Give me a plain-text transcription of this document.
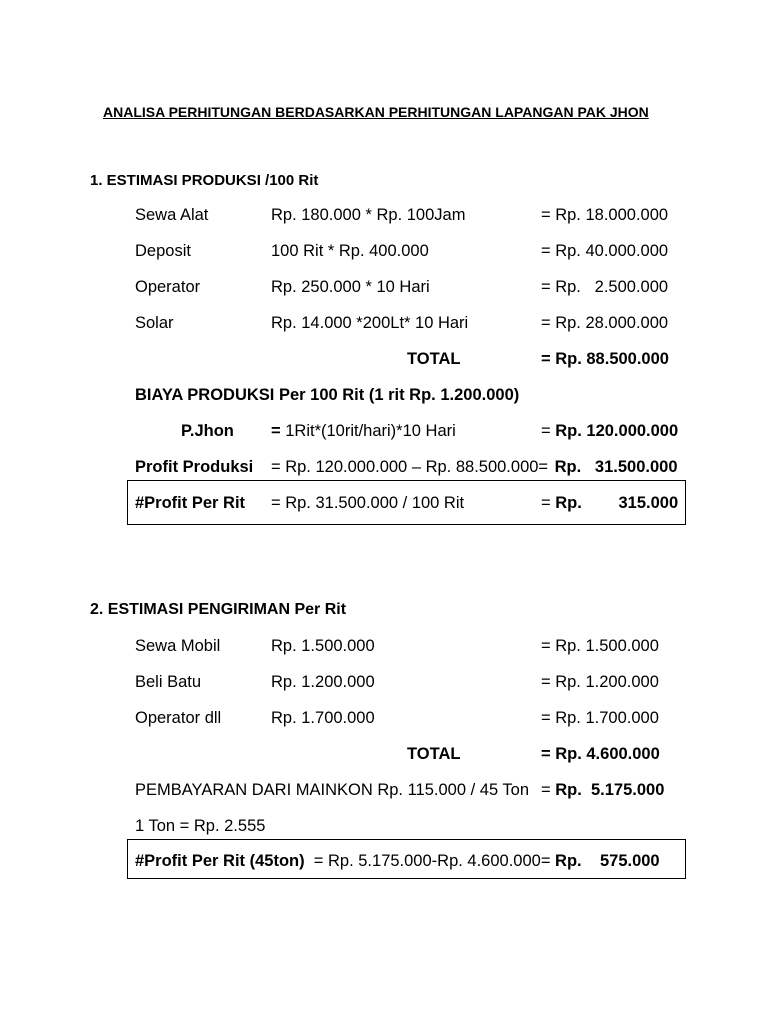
ANALISA PERHITUNGAN BERDASARKAN PERHITUNGAN LAPANGAN PAK JHON
1. ESTIMASI PRODUKSI /100 Rit
Sewa Alat	Rp. 180.000 * Rp. 100Jam	= Rp. 18.000.000
Deposit	100 Rit * Rp. 400.000	= Rp. 40.000.000
Operator	Rp. 250.000 * 10 Hari	= Rp.   2.500.000
Solar	Rp. 14.000 *200Lt* 10 Hari	= Rp. 28.000.000
TOTAL	= Rp. 88.500.000
BIAYA PRODUKSI Per 100 Rit (1 rit Rp. 1.200.000)
P.Jhon = 1Rit*(10rit/hari)*10 Hari	= Rp. 120.000.000
Profit Produksi = Rp. 120.000.000 – Rp. 88.500.000= Rp.   31.500.000
#Profit Per Rit = Rp. 31.500.000 / 100 Rit	= Rp.        315.000
2. ESTIMASI PENGIRIMAN Per Rit
Sewa Mobil	Rp. 1.500.000	= Rp. 1.500.000
Beli Batu	Rp. 1.200.000	= Rp. 1.200.000
Operator dll	Rp. 1.700.000	= Rp. 1.700.000
TOTAL	= Rp. 4.600.000
PEMBAYARAN DARI MAINKON Rp. 115.000 / 45 Ton = Rp.  5.175.000
1 Ton = Rp. 2.555
#Profit Per Rit (45ton)  = Rp. 5.175.000-Rp. 4.600.000= Rp.    575.000
